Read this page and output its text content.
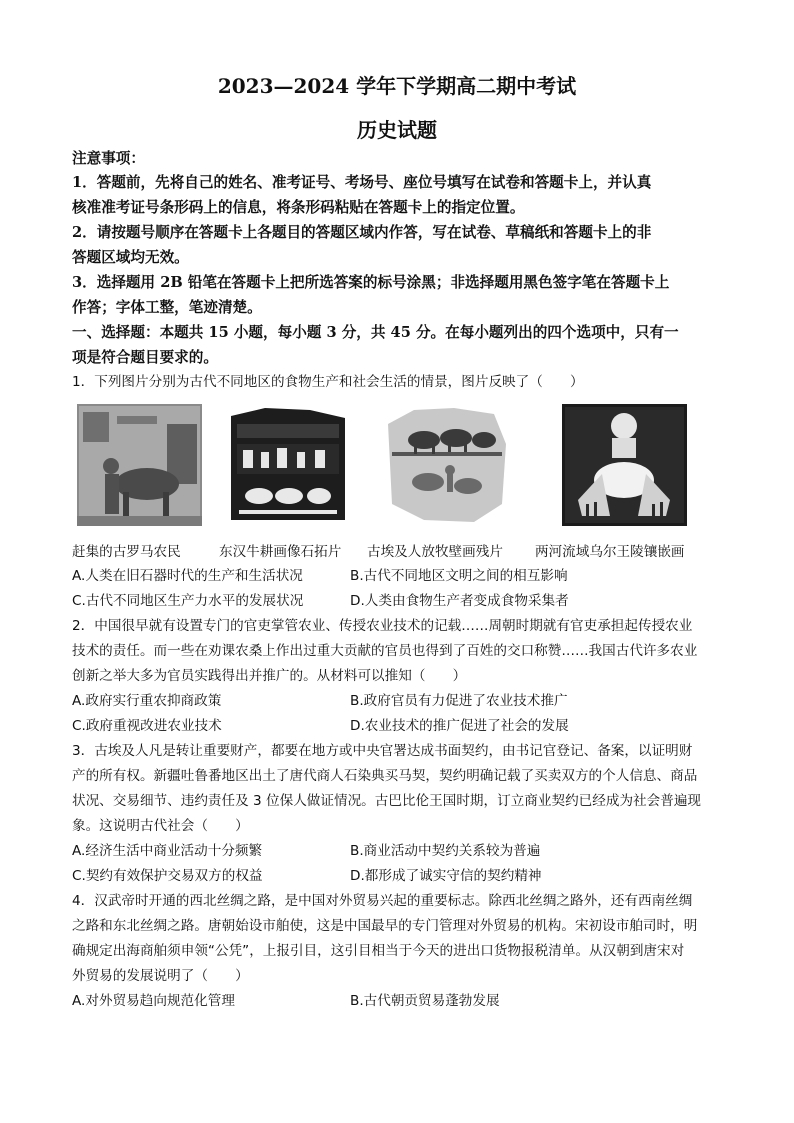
2023—2024 学年下学期高二期中考试
历史试题
注意事项：
1．答题前，先将自己的姓名、准考证号、考场号、座位号填写在试卷和答题卡上，并认真
核准准考证号条形码上的信息，将条形码粘贴在答题卡上的指定位置。
2．请按题号顺序在答题卡上各题目的答题区域内作答，写在试卷、草稿纸和答题卡上的非
答题区域均无效。
3．选择题用 2B 铅笔在答题卡上把所选答案的标号涂黑；非选择题用黑色签字笔在答题卡上
作答；字体工整，笔迹清楚。
一、选择题：本题共 15 小题，每小题 3 分，共 45 分。在每小题列出的四个选项中，只有一
项是符合题目要求的。
1．下列图片分别为古代不同地区的食物生产和社会生活的情景，图片反映了（　　）
赶集的古罗马农民	东汉牛耕画像石拓片 古埃及人放牧壁画残片 两河流域乌尔王陵镶嵌画
A.人类在旧石器时代的生产和生活状况	B.古代不同地区文明之间的相互影响
C.古代不同地区生产力水平的发展状况	D.人类由食物生产者变成食物采集者
2．中国很早就有设置专门的官吏掌管农业、传授农业技术的记载……周朝时期就有官吏承担起传授农业
技术的责任。而一些在劝课农桑上作出过重大贡献的官员也得到了百姓的交口称赞……我国古代许多农业
创新之举大多为官员实践得出并推广的。从材料可以推知（　　）
A.政府实行重农抑商政策	B.政府官员有力促进了农业技术推广
C.政府重视改进农业技术	D.农业技术的推广促进了社会的发展
3．古埃及人凡是转让重要财产，都要在地方或中央官署达成书面契约，由书记官登记、备案，以证明财
产的所有权。新疆吐鲁番地区出土了唐代商人石染典买马契，契约明确记载了买卖双方的个人信息、商品
状况、交易细节、违约责任及 3 位保人做证情况。古巴比伦王国时期，订立商业契约已经成为社会普遍现
象。这说明古代社会（　　）
A.经济生活中商业活动十分频繁	B.商业活动中契约关系较为普遍
C.契约有效保护交易双方的权益	D.都形成了诚实守信的契约精神
4．汉武帝时开通的西北丝绸之路，是中国对外贸易兴起的重要标志。除西北丝绸之路外，还有西南丝绸
之路和东北丝绸之路。唐朝始设市舶使，这是中国最早的专门管理对外贸易的机构。宋初设市舶司时，明
确规定出海商舶须申领“公凭”，上报引目，这引目相当于今天的进出口货物报税清单。从汉朝到唐宋对
外贸易的发展说明了（　　）
A.对外贸易趋向规范化管理	B.古代朝贡贸易蓬勃发展
